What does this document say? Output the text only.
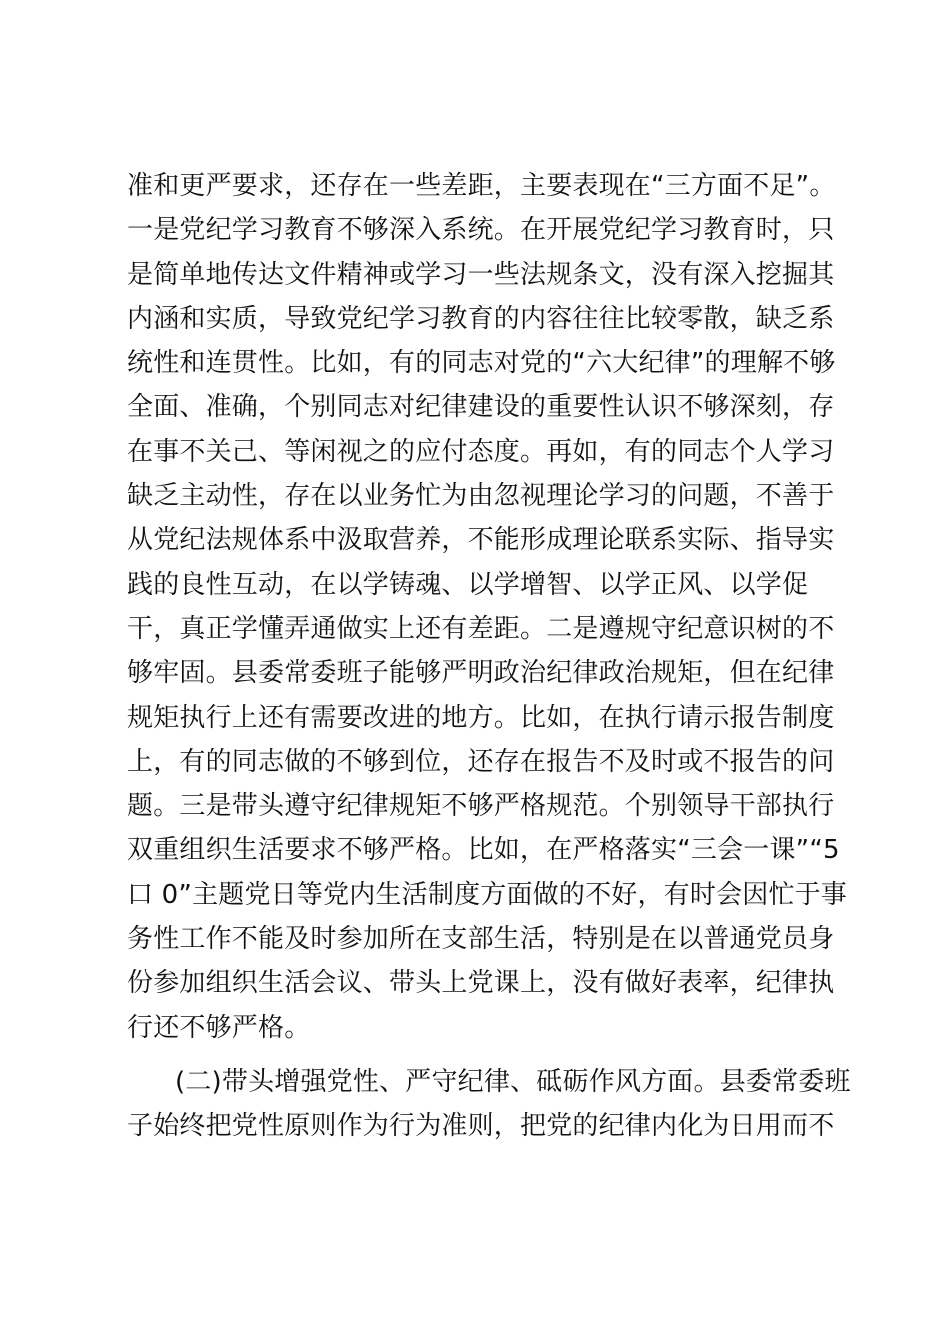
准和更严要求，还存在一些差距，主要表现在“三方面不足”。
一是党纪学习教育不够深入系统。在开展党纪学习教育时，只
是简单地传达文件精神或学习一些法规条文，没有深入挖掘其
内涵和实质，导致党纪学习教育的内容往往比较零散，缺乏系
统性和连贯性。比如，有的同志对党的“六大纪律”的理解不够
全面、准确，个别同志对纪律建设的重要性认识不够深刻，存
在事不关己、等闲视之的应付态度。再如，有的同志个人学习
缺乏主动性，存在以业务忙为由忽视理论学习的问题，不善于
从党纪法规体系中汲取营养，不能形成理论联系实际、指导实
践的良性互动，在以学铸魂、以学增智、以学正风、以学促
干，真正学懂弄通做实上还有差距。二是遵规守纪意识树的不
够牢固。县委常委班子能够严明政治纪律政治规矩，但在纪律
规矩执行上还有需要改进的地方。比如，在执行请示报告制度
上，有的同志做的不够到位，还存在报告不及时或不报告的问
题。三是带头遵守纪律规矩不够严格规范。个别领导干部执行
双重组织生活要求不够严格。比如，在严格落实“三会一课”“5
口 0”主题党日等党内生活制度方面做的不好，有时会因忙于事
务性工作不能及时参加所在支部生活，特别是在以普通党员身
份参加组织生活会议、带头上党课上，没有做好表率，纪律执
行还不够严格。
(二)带头增强党性、严守纪律、砥砺作风方面。县委常委班
子始终把党性原则作为行为准则，把党的纪律内化为日用而不
